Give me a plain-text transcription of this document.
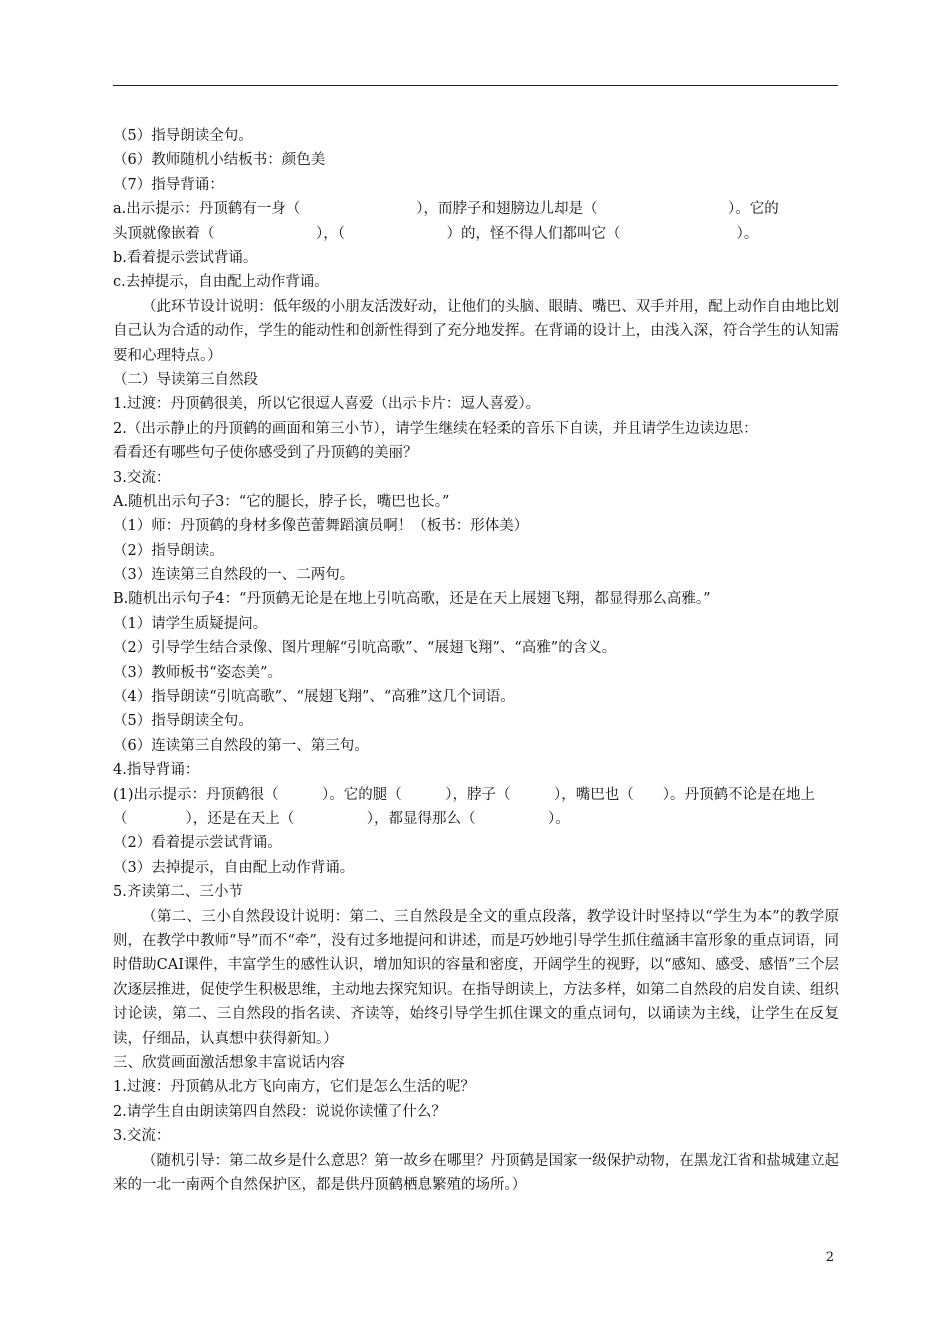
（5）指导朗读全句。
（6）教师随机小结板书：颜色美
（7）指导背诵：
a.出示提示：丹顶鹤有一身（　　　　　　　　），而脖子和翅膀边儿却是（　　　　　　　　　）。它的
头顶就像嵌着（　　　　　　　），（　　　　　　　）的，怪不得人们都叫它（　　　　　　　　）。
b.看着提示尝试背诵。
c.去掉提示，自由配上动作背诵。
（此环节设计说明：低年级的小朋友活泼好动，让他们的头脑、眼睛、嘴巴、双手并用，配上动作自由地比划自己认为合适的动作，学生的能动性和创新性得到了充分地发挥。在背诵的设计上，由浅入深，符合学生的认知需要和心理特点。）
（二）导读第三自然段
1.过渡：丹顶鹤很美，所以它很逗人喜爱（出示卡片：逗人喜爱）。
2.（出示静止的丹顶鹤的画面和第三小节），请学生继续在轻柔的音乐下自读，并且请学生边读边思：
看看还有哪些句子使你感受到了丹顶鹤的美丽？
3.交流：
A.随机出示句子3：“它的腿长，脖子长，嘴巴也长。”
（1）师：丹顶鹤的身材多像芭蕾舞蹈演员啊！（板书：形体美）
（2）指导朗读。
（3）连读第三自然段的一、二两句。
B.随机出示句子4：“丹顶鹤无论是在地上引吭高歌，还是在天上展翅飞翔，都显得那么高雅。”
（1）请学生质疑提问。
（2）引导学生结合录像、图片理解“引吭高歌”、“展翅飞翔”、“高雅”的含义。
（3）教师板书“姿态美”。
（4）指导朗读“引吭高歌”、“展翅飞翔”、“高雅”这几个词语。
（5）指导朗读全句。
（6）连读第三自然段的第一、第三句。
4.指导背诵：
(1)出示提示：丹顶鹤很（　　　）。它的腿（　　　），脖子（　　　），嘴巴也（　　）。丹顶鹤不论是在地上
（　　　　），还是在天上（　　　　　），都显得那么（　　　　　）。
（2）看着提示尝试背诵。
（3）去掉提示，自由配上动作背诵。
5.齐读第二、三小节
（第二、三小自然段设计说明：第二、三自然段是全文的重点段落，教学设计时坚持以“学生为本”的教学原则，在教学中教师“导”而不“牵”，没有过多地提问和讲述，而是巧妙地引导学生抓住蕴涵丰富形象的重点词语，同时借助CAI课件，丰富学生的感性认识，增加知识的容量和密度，开阔学生的视野，以“感知、感受、感悟”三个层次逐层推进，促使学生积极思维，主动地去探究知识。在指导朗读上，方法多样，如第二自然段的启发自读、组织讨论读，第二、三自然段的指名读、齐读等，始终引导学生抓住课文的重点词句，以诵读为主线，让学生在反复读，仔细品，认真想中获得新知。）
三、欣赏画面激活想象丰富说话内容
1.过渡：丹顶鹤从北方飞向南方，它们是怎么生活的呢？
2.请学生自由朗读第四自然段：说说你读懂了什么？
3.交流：
（随机引导：第二故乡是什么意思？第一故乡在哪里？丹顶鹤是国家一级保护动物，在黑龙江省和盐城建立起来的一北一南两个自然保护区，都是供丹顶鹤栖息繁殖的场所。）
2
